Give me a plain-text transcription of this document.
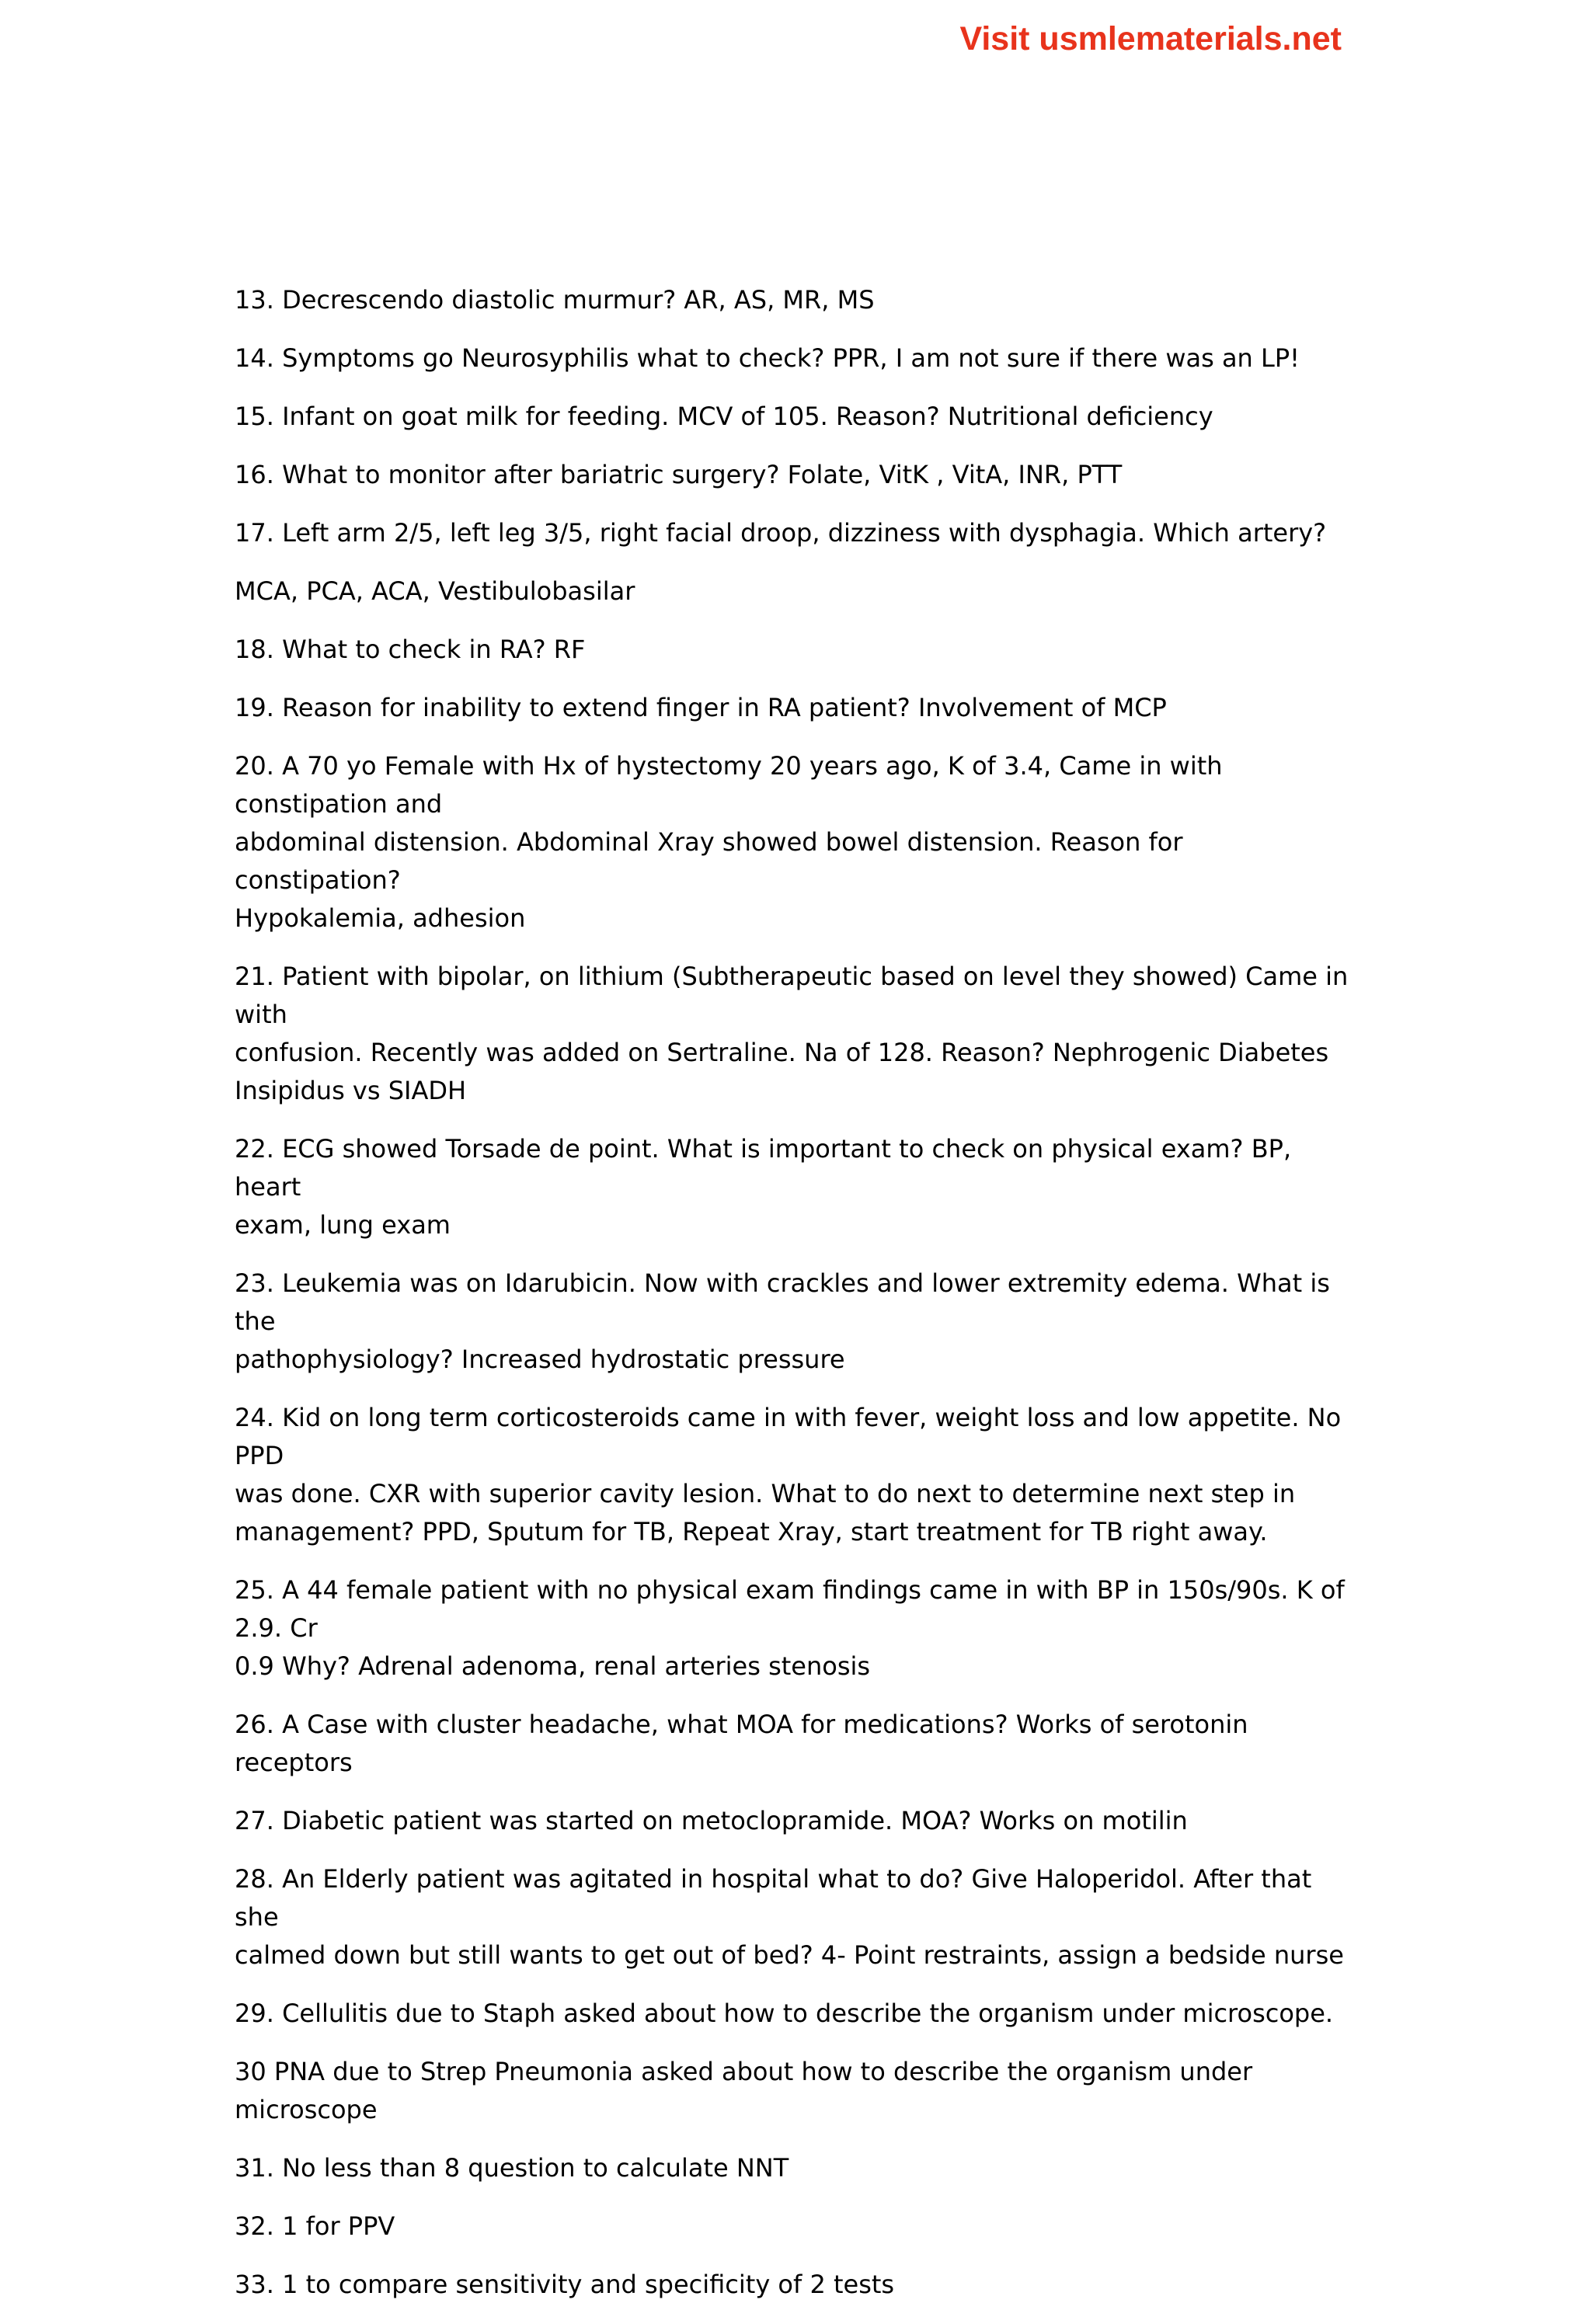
Visit usmlematerials.net

13. Decrescendo diastolic murmur? AR, AS, MR, MS

14. Symptoms go Neurosyphilis what to check? PPR, I am not sure if there was an LP!

15. Infant on goat milk for feeding. MCV of 105. Reason? Nutritional deficiency

16. What to monitor after bariatric surgery? Folate, VitK , VitA, INR, PTT

17. Left arm 2/5, left leg 3/5, right facial droop, dizziness with dysphagia. Which artery?

MCA, PCA, ACA, Vestibulobasilar

18. What to check in RA? RF

19. Reason for inability to extend finger in RA patient? Involvement of MCP

20. A 70 yo Female with Hx of hystectomy 20 years ago, K of 3.4, Came in with constipation and
abdominal distension. Abdominal Xray showed bowel distension. Reason for constipation?
Hypokalemia, adhesion

21. Patient with bipolar, on lithium (Subtherapeutic based on level they showed) Came in with
confusion. Recently was added on Sertraline. Na of 128. Reason? Nephrogenic Diabetes
Insipidus vs SIADH

22. ECG showed Torsade de point. What is important to check on physical exam? BP, heart
exam, lung exam

23. Leukemia was on Idarubicin. Now with crackles and lower extremity edema. What is the
pathophysiology? Increased hydrostatic pressure

24. Kid on long term corticosteroids came in with fever, weight loss and low appetite. No PPD
was done. CXR with superior cavity lesion. What to do next to determine next step in
management? PPD, Sputum for TB, Repeat Xray, start treatment for TB right away.

25. A 44 female patient with no physical exam findings came in with BP in 150s/90s. K of 2.9. Cr
0.9 Why? Adrenal adenoma, renal arteries stenosis

26. A Case with cluster headache, what MOA for medications? Works of serotonin receptors

27. Diabetic patient was started on metoclopramide. MOA? Works on motilin

28. An Elderly patient was agitated in hospital what to do? Give Haloperidol. After that she
calmed down but still wants to get out of bed? 4- Point restraints, assign a bedside nurse

29. Cellulitis due to Staph asked about how to describe the organism under microscope.

30 PNA due to Strep Pneumonia asked about how to describe the organism under microscope

31. No less than 8 question to calculate NNT

32. 1 for PPV

33. 1 to compare sensitivity and specificity of 2 tests
